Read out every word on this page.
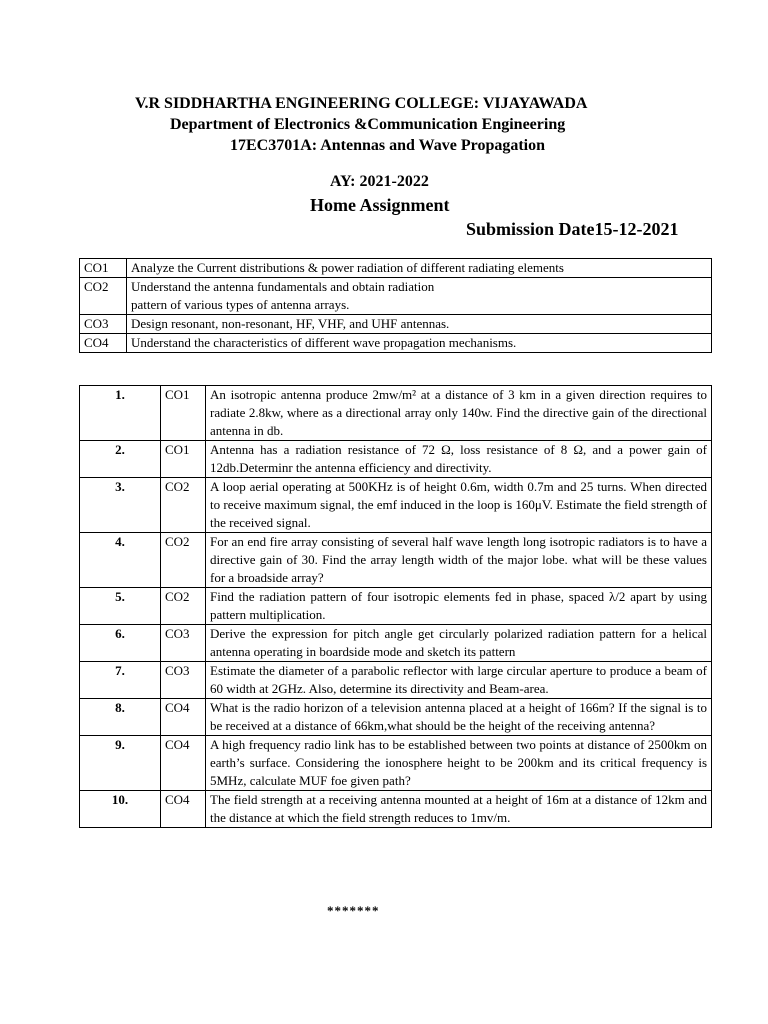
V.R SIDDHARTHA ENGINEERING COLLEGE: VIJAYAWADA
Department of Electronics &Communication Engineering
17EC3701A: Antennas and Wave Propagation
AY: 2021-2022
Home Assignment
Submission Date15-12-2021
CO1	Analyze the Current distributions & power radiation of different radiating elements
CO2	Understand the antenna fundamentals and obtain radiation
pattern of various types of antenna arrays.
CO3	Design resonant, non-resonant, HF, VHF, and UHF antennas.
CO4	Understand the characteristics of different wave propagation mechanisms.
1.	CO1	An isotropic antenna produce 2mw/m² at a distance of 3 km in a given direction requires to radiate 2.8kw, where as a directional array only 140w. Find the directive gain of the directional antenna in db.
2.	CO1	Antenna has a radiation resistance of 72 Ω, loss resistance of 8 Ω, and a power gain of 12db.Determinr the antenna efficiency and directivity.
3.	CO2	A loop aerial operating at 500KHz is of height 0.6m, width 0.7m and 25 turns. When directed to receive maximum signal, the emf induced in the loop is 160μV. Estimate the field strength of the received signal.
4.	CO2	For an end fire array consisting of several half wave length long isotropic radiators is to have a directive gain of 30. Find the array length width of the major lobe. what will be these values for a broadside array?
5.	CO2	Find the radiation pattern of four isotropic elements fed in phase, spaced λ/2 apart by using pattern multiplication.
6.	CO3	Derive the expression for pitch angle get circularly polarized radiation pattern for a helical antenna operating in boardside mode and sketch its pattern
7.	CO3	Estimate the diameter of a parabolic reflector with large circular aperture to produce a beam of 60 width at 2GHz. Also, determine its directivity and Beam-area.
8.	CO4	What is the radio horizon of a television antenna placed at a height of 166m? If the signal is to be received at a distance of 66km,what should be the height of the receiving antenna?
9.	CO4	A high frequency radio link has to be established between two points at distance of 2500km on earth’s surface. Considering the ionosphere height to be 200km and its critical frequency is 5MHz, calculate MUF foe given path?
10.	CO4	The field strength at a receiving antenna mounted at a height of 16m at a distance of 12km and the distance at which the field strength reduces to 1mv/m.
*******
